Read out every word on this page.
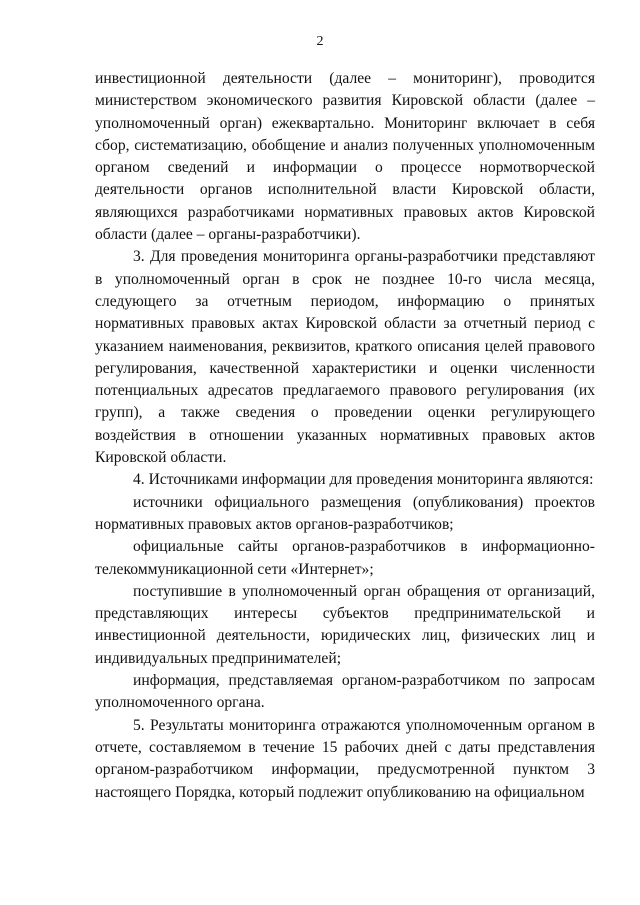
2

инвестиционной деятельности (далее – мониторинг), проводится министерством экономического развития Кировской области (далее – уполномоченный орган) ежеквартально. Мониторинг включает в себя сбор, систематизацию, обобщение и анализ полученных уполномоченным органом сведений и информации о процессе нормотворческой деятельности органов исполнительной власти Кировской области, являющихся разработчиками нормативных правовых актов Кировской области (далее – органы-разработчики).

3. Для проведения мониторинга органы-разработчики представляют в уполномоченный орган в срок не позднее 10-го числа месяца, следующего за отчетным периодом, информацию о принятых нормативных правовых актах Кировской области за отчетный период с указанием наименования, реквизитов, краткого описания целей правового регулирования, качественной характеристики и оценки численности потенциальных адресатов предлагаемого правового регулирования (их групп), а также сведения о проведении оценки регулирующего воздействия в отношении указанных нормативных правовых актов Кировской области.

4. Источниками информации для проведения мониторинга являются:

источники официального размещения (опубликования) проектов нормативных правовых актов органов-разработчиков;

официальные сайты органов-разработчиков в информационно-телекоммуникационной сети «Интернет»;

поступившие в уполномоченный орган обращения от организаций, представляющих интересы субъектов предпринимательской и инвестиционной деятельности, юридических лиц, физических лиц и индивидуальных предпринимателей;

информация, представляемая органом-разработчиком по запросам уполномоченного органа.

5. Результаты мониторинга отражаются уполномоченным органом в отчете, составляемом в течение 15 рабочих дней с даты представления органом-разработчиком информации, предусмотренной пунктом 3 настоящего Порядка, который подлежит опубликованию на официальном
